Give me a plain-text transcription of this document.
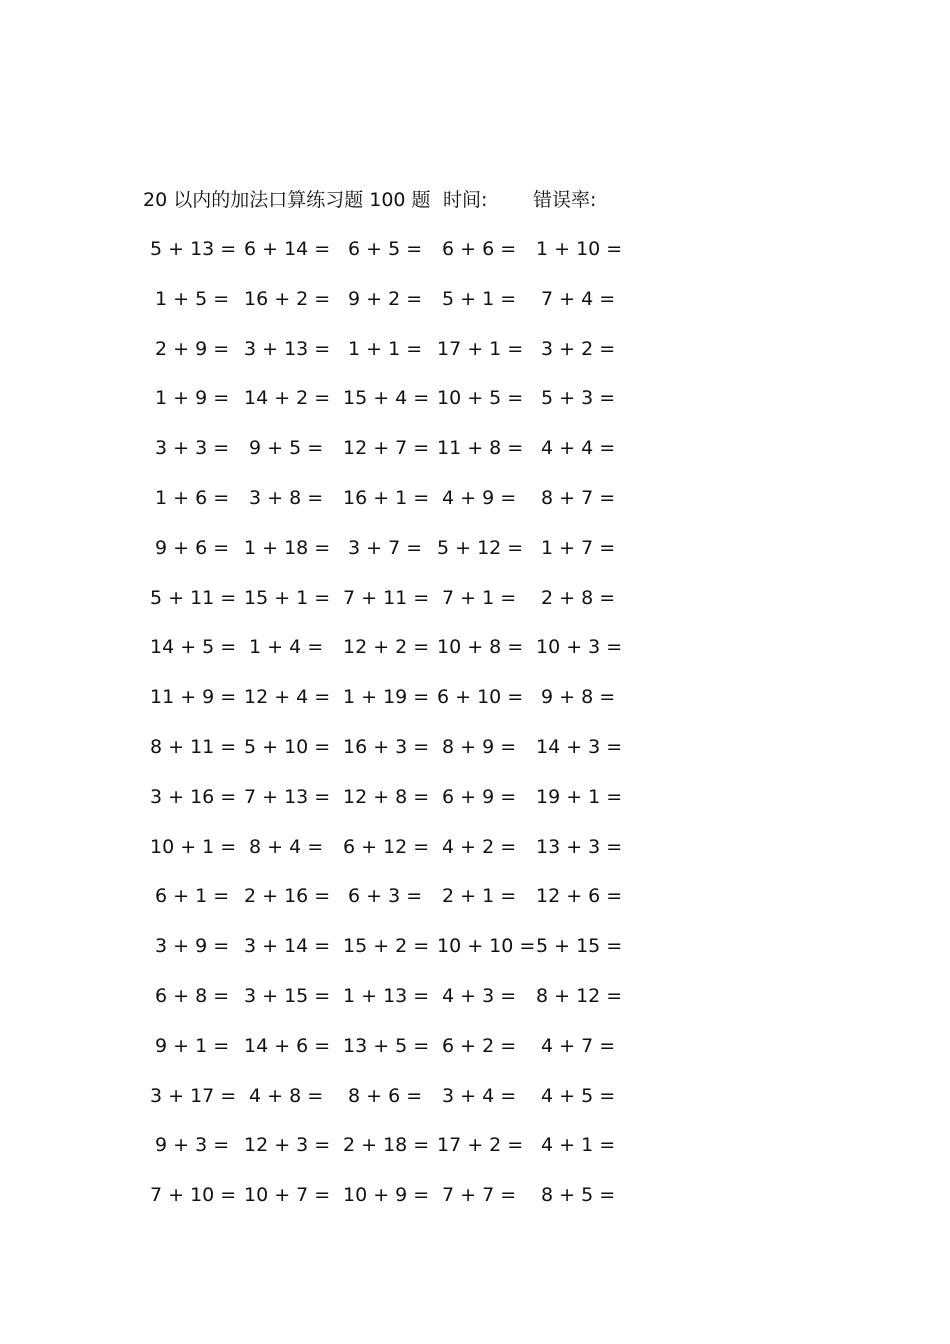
20 以内的加法口算练习题 100 题 时间: 错误率:
5 + 13 = 6 + 14 = 6 + 5 = 6 + 6 = 1 + 10 =
1 + 5 = 16 + 2 = 9 + 2 = 5 + 1 = 7 + 4 =
2 + 9 = 3 + 13 = 1 + 1 = 17 + 1 = 3 + 2 =
1 + 9 = 14 + 2 = 15 + 4 = 10 + 5 = 5 + 3 =
3 + 3 = 9 + 5 = 12 + 7 = 11 + 8 = 4 + 4 =
1 + 6 = 3 + 8 = 16 + 1 = 4 + 9 = 8 + 7 =
9 + 6 = 1 + 18 = 3 + 7 = 5 + 12 = 1 + 7 =
5 + 11 = 15 + 1 = 7 + 11 = 7 + 1 = 2 + 8 =
14 + 5 = 1 + 4 = 12 + 2 = 10 + 8 = 10 + 3 =
11 + 9 = 12 + 4 = 1 + 19 = 6 + 10 = 9 + 8 =
8 + 11 = 5 + 10 = 16 + 3 = 8 + 9 = 14 + 3 =
3 + 16 = 7 + 13 = 12 + 8 = 6 + 9 = 19 + 1 =
10 + 1 = 8 + 4 = 6 + 12 = 4 + 2 = 13 + 3 =
6 + 1 = 2 + 16 = 6 + 3 = 2 + 1 = 12 + 6 =
3 + 9 = 3 + 14 = 15 + 2 = 10 + 10 = 5 + 15 =
6 + 8 = 3 + 15 = 1 + 13 = 4 + 3 = 8 + 12 =
9 + 1 = 14 + 6 = 13 + 5 = 6 + 2 = 4 + 7 =
3 + 17 = 4 + 8 = 8 + 6 = 3 + 4 = 4 + 5 =
9 + 3 = 12 + 3 = 2 + 18 = 17 + 2 = 4 + 1 =
7 + 10 = 10 + 7 = 10 + 9 = 7 + 7 = 8 + 5 =
